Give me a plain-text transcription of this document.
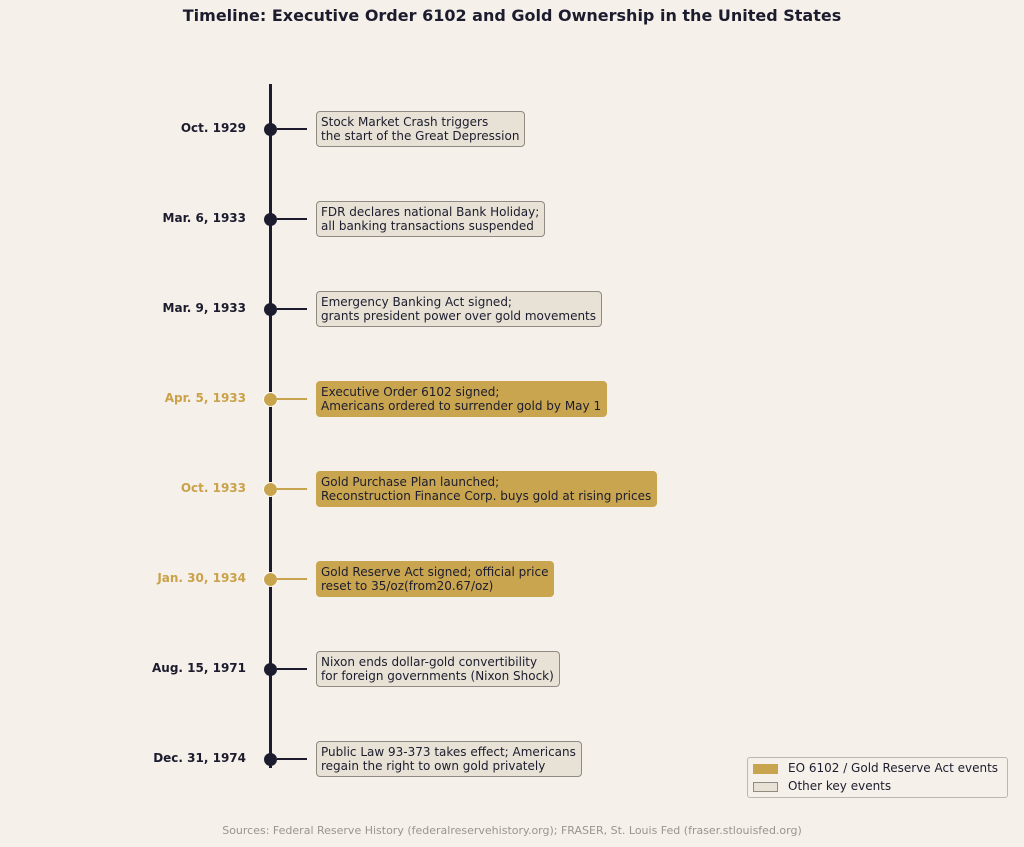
Timeline: Executive Order 6102 and Gold Ownership in the United States
Oct. 1929	Stock Market Crash triggers
the start of the Great Depression
Mar. 6, 1933	FDR declares national Bank Holiday;
all banking transactions suspended
Mar. 9, 1933	Emergency Banking Act signed;
grants president power over gold movements
Apr. 5, 1933	Executive Order 6102 signed;
Americans ordered to surrender gold by May 1
Oct. 1933	Gold Purchase Plan launched;
Reconstruction Finance Corp. buys gold at rising prices
Jan. 30, 1934	Gold Reserve Act signed; official price
reset to 35/oz(from20.67/oz)
Aug. 15, 1971	Nixon ends dollar-gold convertibility
for foreign governments (Nixon Shock)
Dec. 31, 1974	Public Law 93-373 takes effect; Americans
regain the right to own gold privately	EO 6102 / Gold Reserve Act events
Other key events
Sources: Federal Reserve History (federalreservehistory.org); FRASER, St. Louis Fed (fraser.stlouisfed.org)
